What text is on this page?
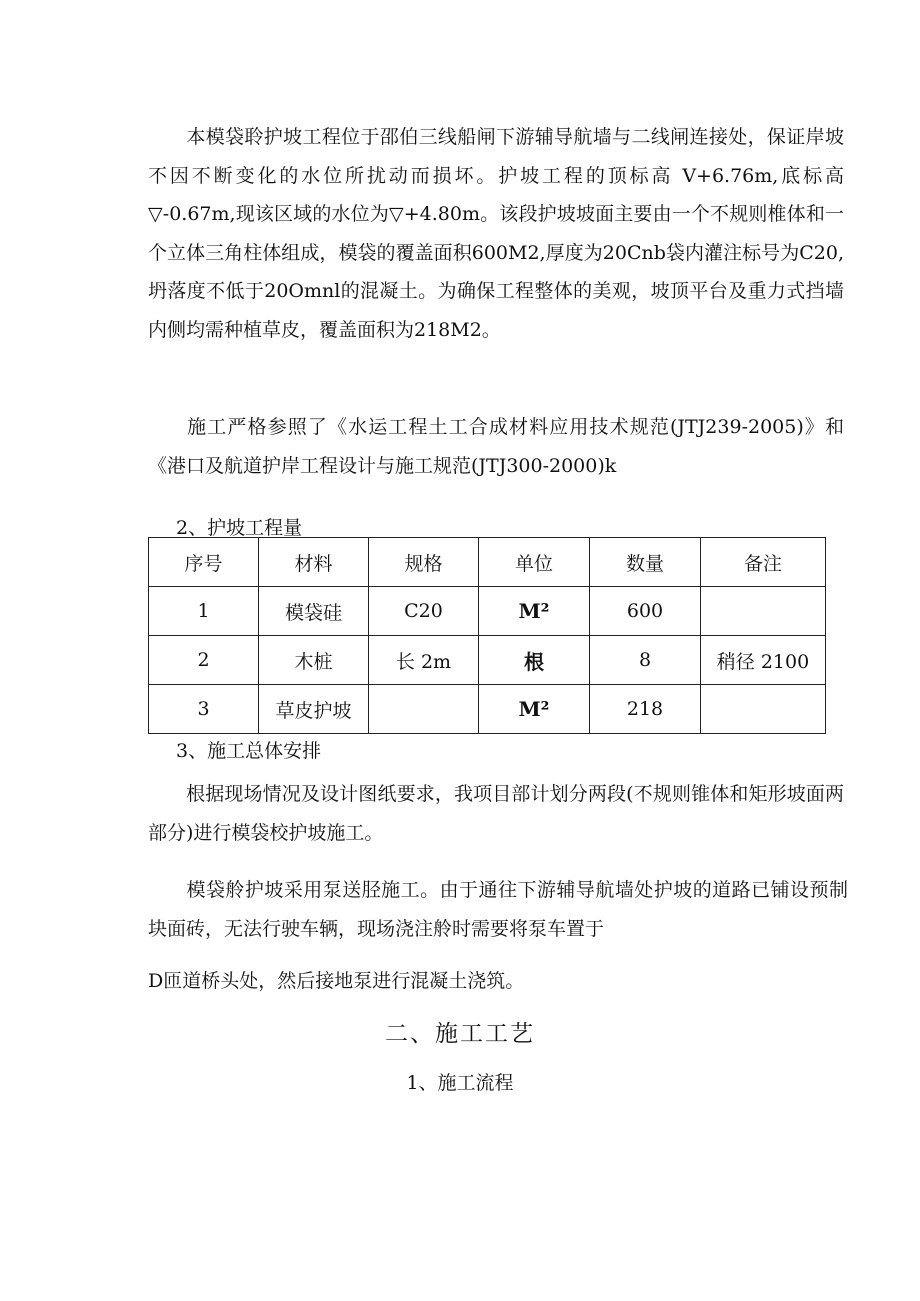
本模袋聆护坡工程位于邵伯三线船闸下游辅导航墙与二线闸连接处，保证岸坡不因不断变化的水位所扰动而损坏。护坡工程的顶标高 V+6.76m,底标高▽-0.67m,现该区域的水位为▽+4.80m。该段护坡坡面主要由一个不规则椎体和一个立体三角柱体组成，模袋的覆盖面积600M2,厚度为20Cnb袋内灌注标号为C20,坍落度不低于20Omnl的混凝土。为确保工程整体的美观，坡顶平台及重力式挡墙内侧均需种植草皮，覆盖面积为218M2。

施工严格参照了《水运工程土工合成材料应用技术规范(JTJ239-2005)》和《港口及航道护岸工程设计与施工规范(JTJ300-2000)k

2、护坡工程量

序号	材料	规格	单位	数量	备注
1	模袋硅	C20	M²	600	
2	木桩	长 2m	根	8	稍径 2100
3	草皮护坡		M²	218	

3、施工总体安排

根据现场情况及设计图纸要求，我项目部计划分两段(不规则锥体和矩形坡面两部分)进行模袋校护坡施工。

模袋舲护坡采用泵送胫施工。由于通往下游辅导航墙处护坡的道路已铺设预制块面砖，无法行驶车辆，现场浇注舲时需要将泵车置于

D匝道桥头处，然后接地泵进行混凝土浇筑。

二、施工工艺

1、施工流程
